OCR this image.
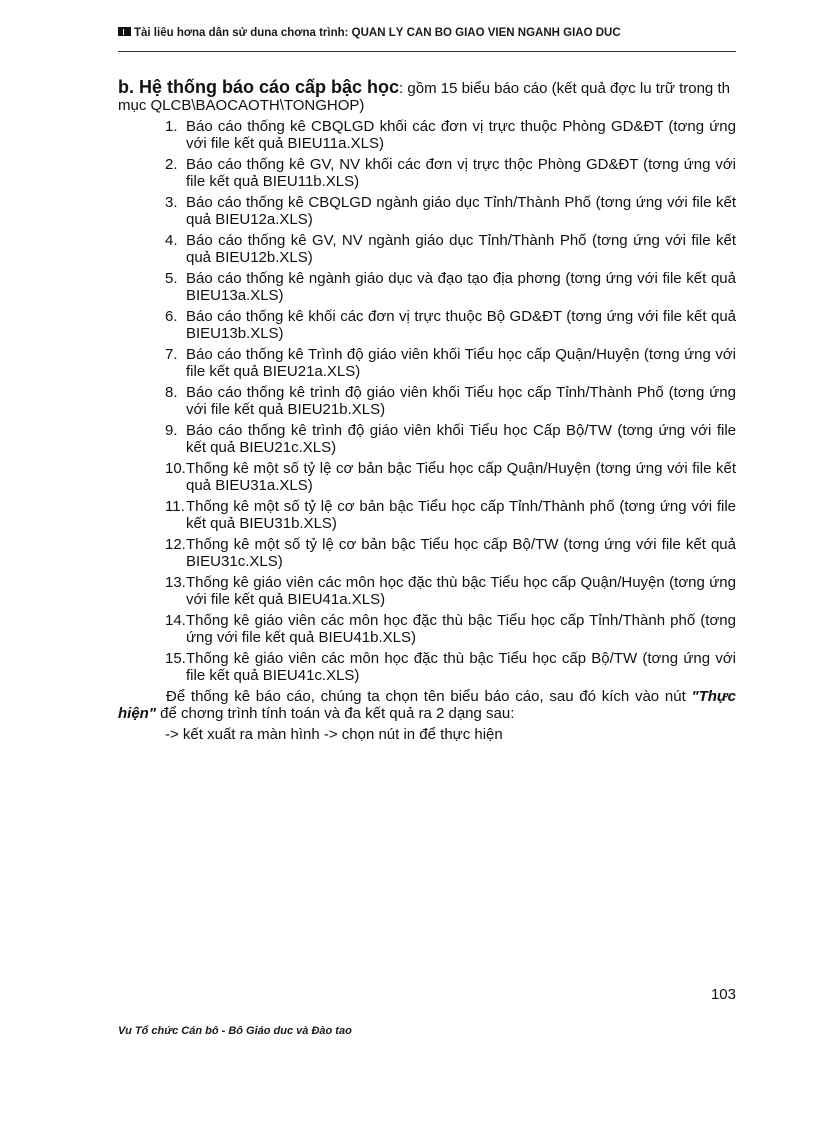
Tài liêu hơna dẫn sử duna chơna trình: QUẢN LÝ CÁN BÔ GIÁO VIÊN NGÀNH GIÁO DUC

b. Hệ thống báo cáo cấp bậc học: gồm 15 biểu báo cáo (kết quả đợc lu trữ trong th mục QLCB\BAOCAOTH\TONGHOP)

1. Báo cáo thống kê CBQLGD khối các đơn vị trực thuộc Phòng GD&ĐT (tơng ứng với file kết quả BIEU11a.XLS)
2. Báo cáo thống kê GV, NV khối các đơn vị trực thộc Phòng GD&ĐT (tơng ứng với file kết quả BIEU11b.XLS)
3. Báo cáo thống kê CBQLGD ngành giáo dục Tỉnh/Thành Phố (tơng ứng với file kết quả BIEU12a.XLS)
4. Báo cáo thống kê GV, NV ngành giáo dục Tỉnh/Thành Phố (tơng ứng với file kết quả BIEU12b.XLS)
5. Báo cáo thống kê ngành giáo dục và đạo tạo địa phơng (tơng ứng với file kết quả BIEU13a.XLS)
6. Báo cáo thống kê khối các đơn vị trực thuộc Bộ GD&ĐT (tơng ứng với file kết quả BIEU13b.XLS)
7. Báo cáo thống kê Trình độ giáo viên khối Tiểu học cấp Quận/Huyện (tơng ứng với file kết quả BIEU21a.XLS)
8. Báo cáo thống kê trình độ giáo viên khối Tiểu học cấp Tỉnh/Thành Phố (tơng ứng với file kết quả BIEU21b.XLS)
9. Báo cáo thống kê trình độ giáo viên khối Tiểu học Cấp Bộ/TW (tơng ứng với file kết quả BIEU21c.XLS)
10. Thống kê một số tỷ lệ cơ bản bậc Tiểu học cấp Quận/Huyện (tơng ứng với file kết quả BIEU31a.XLS)
11. Thống kê một số tỷ lệ cơ bản bậc Tiểu học cấp Tỉnh/Thành phố (tơng ứng với file kết quả BIEU31b.XLS)
12. Thống kê một số tỷ lệ cơ bản bậc Tiểu học cấp Bộ/TW (tơng ứng với file kết quả BIEU31c.XLS)
13. Thống kê giáo viên các môn học đặc thù bậc Tiểu học cấp Quận/Huyện (tơng ứng với file kết quả BIEU41a.XLS)
14. Thống kê giáo viên các môn học đặc thù bậc Tiểu học cấp Tỉnh/Thành phố (tơng ứng với file kết quả BIEU41b.XLS)
15. Thống kê giáo viên các môn học đặc thù bậc Tiểu học cấp Bộ/TW (tơng ứng với file kết quả BIEU41c.XLS)

Để thống kê báo cáo, chúng ta chọn tên biểu báo cáo, sau đó kích vào nút "Thực hiện" để chơng trình tính toán và đa kết quả ra 2 dạng sau:

-> kết xuất ra màn hình -> chọn nút in để thực hiện

103
Vu Tổ chức Cán bô - Bô Giáo duc và Đào tao
